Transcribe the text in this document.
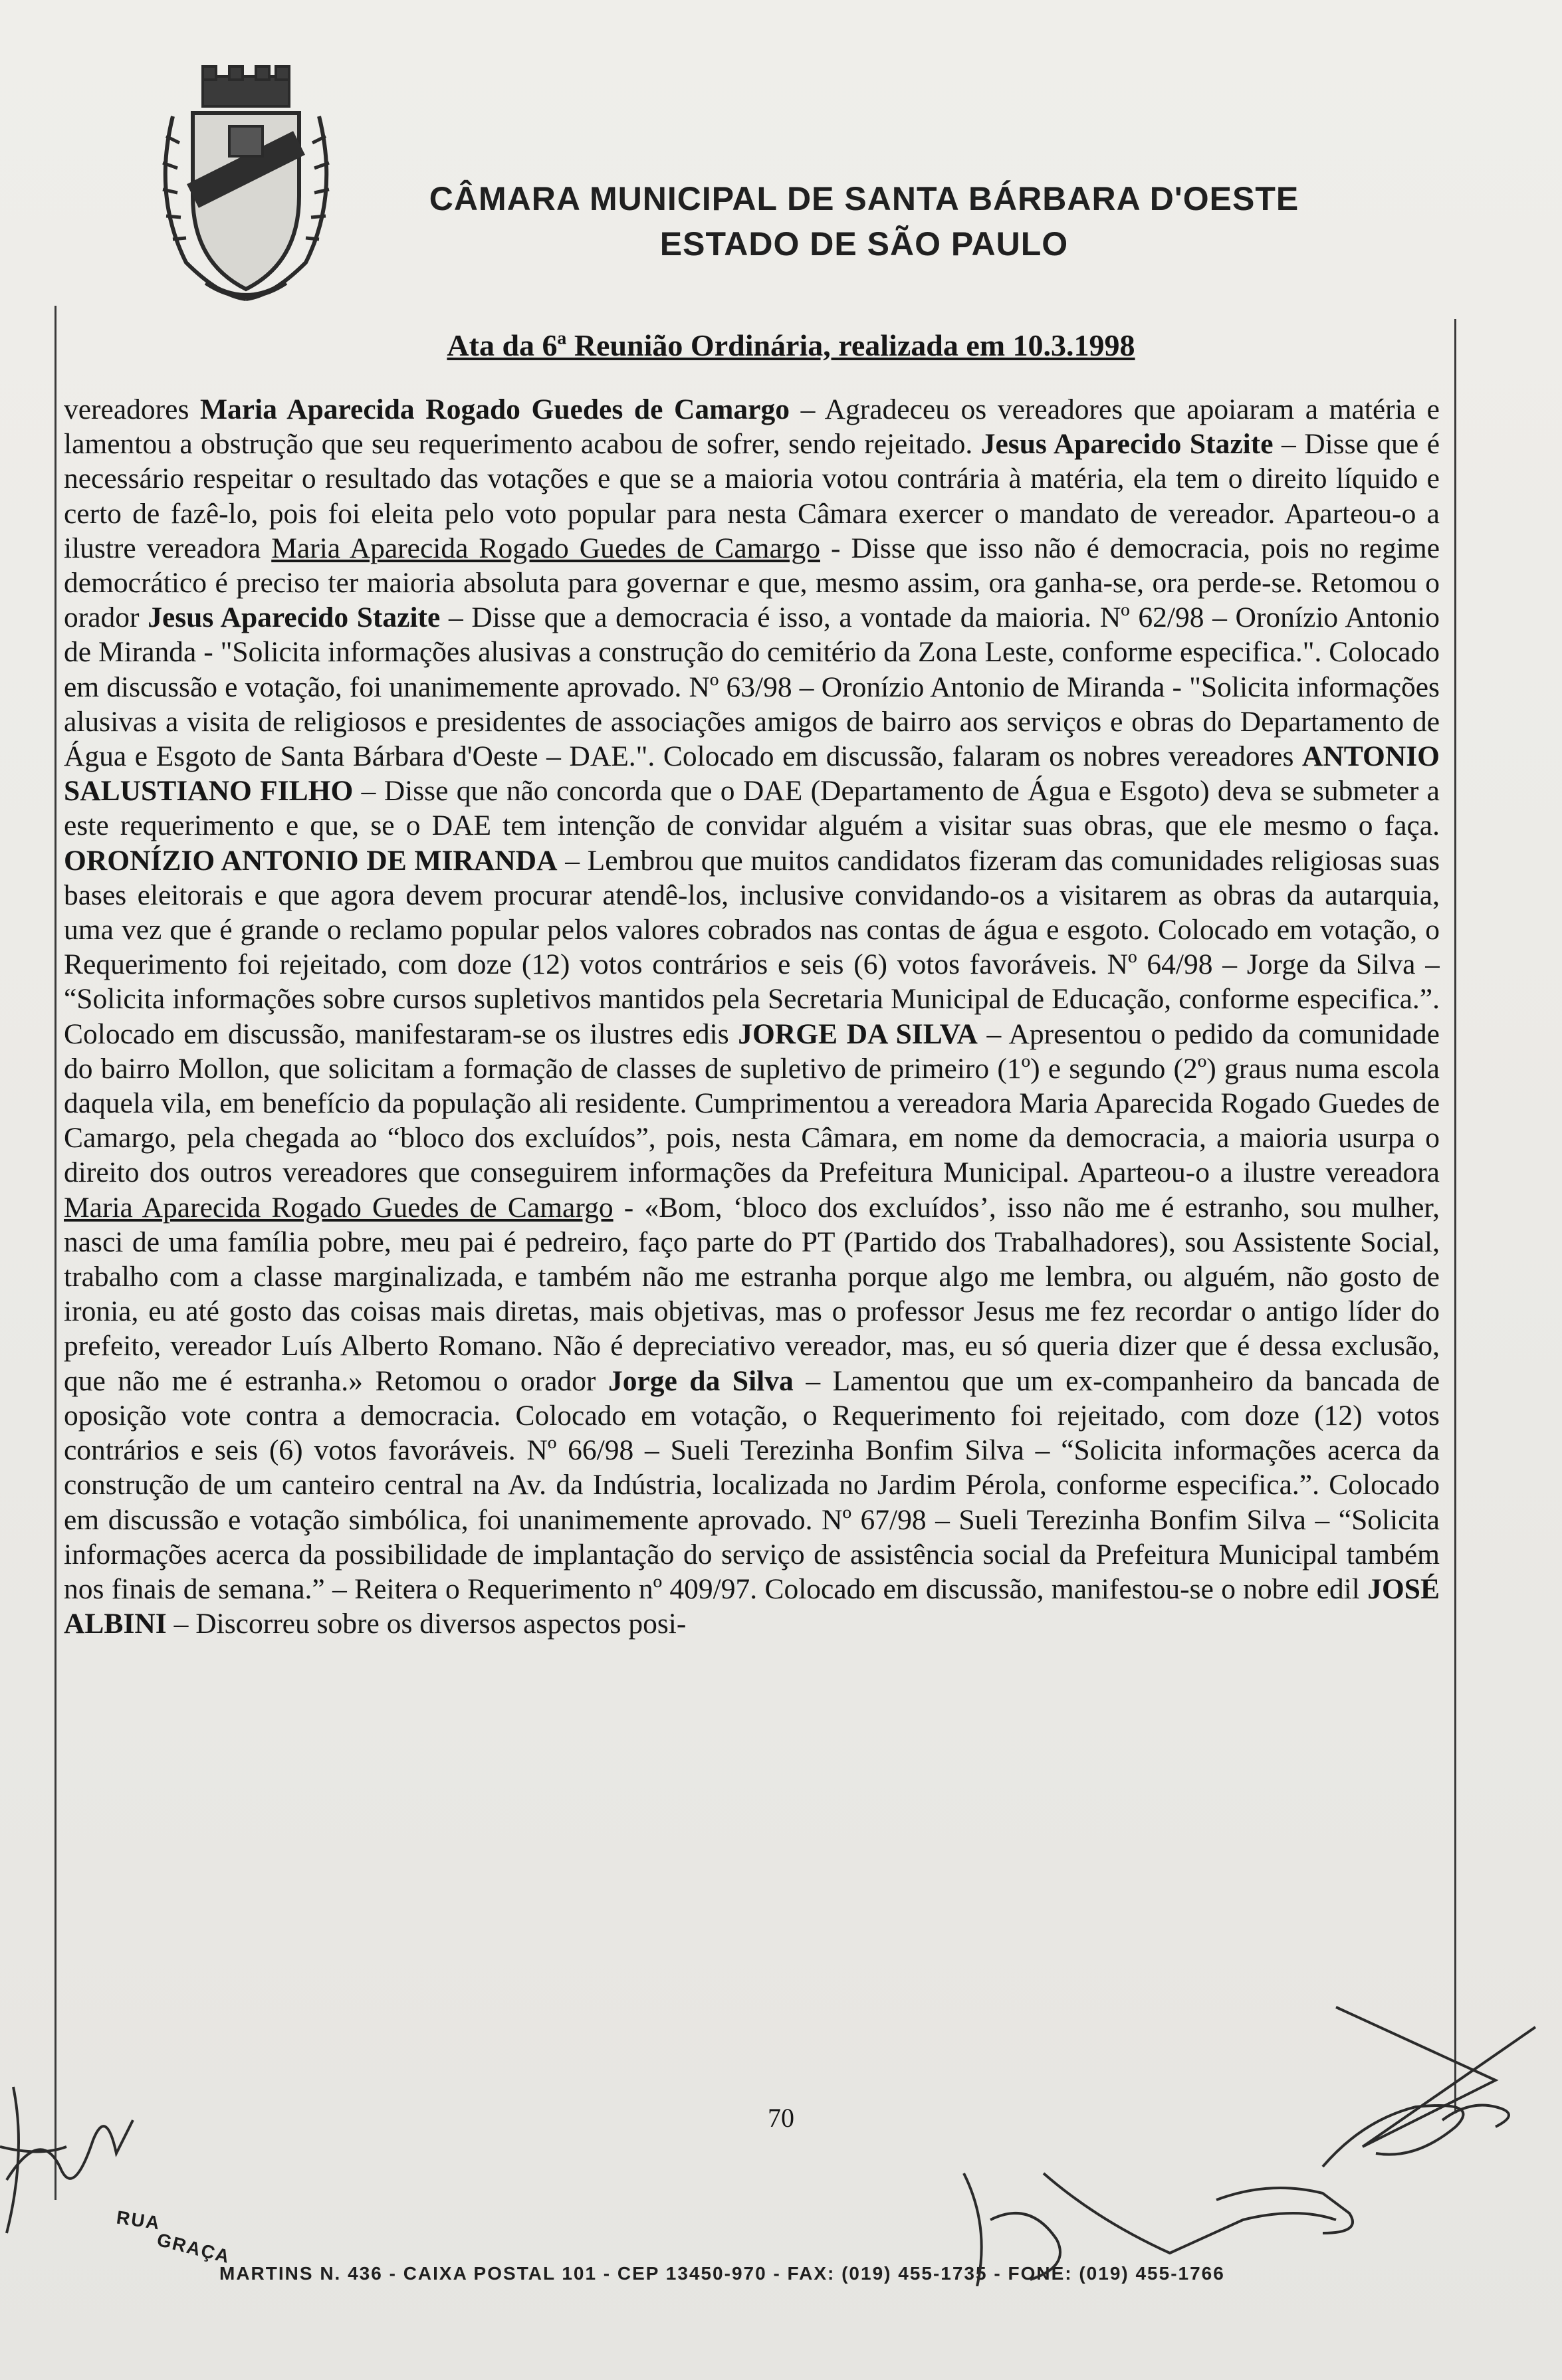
CÂMARA MUNICIPAL DE SANTA BÁRBARA D'OESTE
ESTADO DE SÃO PAULO
Ata da 6ª Reunião Ordinária, realizada em 10.3.1998

vereadores Maria Aparecida Rogado Guedes de Camargo – Agradeceu os vereadores que apoiaram a matéria e lamentou a obstrução que seu requerimento acabou de sofrer, sendo rejeitado. Jesus Aparecido Stazite – Disse que é necessário respeitar o resultado das votações e que se a maioria votou contrária à matéria, ela tem o direito líquido e certo de fazê-lo, pois foi eleita pelo voto popular para nesta Câmara exercer o mandato de vereador. Aparteou-o a ilustre vereadora Maria Aparecida Rogado Guedes de Camargo - Disse que isso não é democracia, pois no regime democrático é preciso ter maioria absoluta para governar e que, mesmo assim, ora ganha-se, ora perde-se. Retomou o orador Jesus Aparecido Stazite – Disse que a democracia é isso, a vontade da maioria. Nº 62/98 – Oronízio Antonio de Miranda - "Solicita informações alusivas a construção do cemitério da Zona Leste, conforme especifica.". Colocado em discussão e votação, foi unanimemente aprovado. Nº 63/98 – Oronízio Antonio de Miranda - "Solicita informações alusivas a visita de religiosos e presidentes de associações amigos de bairro aos serviços e obras do Departamento de Água e Esgoto de Santa Bárbara d'Oeste – DAE.". Colocado em discussão, falaram os nobres vereadores ANTONIO SALUSTIANO FILHO – Disse que não concorda que o DAE (Departamento de Água e Esgoto) deva se submeter a este requerimento e que, se o DAE tem intenção de convidar alguém a visitar suas obras, que ele mesmo o faça. ORONÍZIO ANTONIO DE MIRANDA – Lembrou que muitos candidatos fizeram das comunidades religiosas suas bases eleitorais e que agora devem procurar atendê-los, inclusive convidando-os a visitarem as obras da autarquia, uma vez que é grande o reclamo popular pelos valores cobrados nas contas de água e esgoto. Colocado em votação, o Requerimento foi rejeitado, com doze (12) votos contrários e seis (6) votos favoráveis. Nº 64/98 – Jorge da Silva – “Solicita informações sobre cursos supletivos mantidos pela Secretaria Municipal de Educação, conforme especifica.”. Colocado em discussão, manifestaram-se os ilustres edis JORGE DA SILVA – Apresentou o pedido da comunidade do bairro Mollon, que solicitam a formação de classes de supletivo de primeiro (1º) e segundo (2º) graus numa escola daquela vila, em benefício da população ali residente. Cumprimentou a vereadora Maria Aparecida Rogado Guedes de Camargo, pela chegada ao “bloco dos excluídos”, pois, nesta Câmara, em nome da democracia, a maioria usurpa o direito dos outros vereadores que conseguirem informações da Prefeitura Municipal. Aparteou-o a ilustre vereadora Maria Aparecida Rogado Guedes de Camargo - «Bom, ‘bloco dos excluídos’, isso não me é estranho, sou mulher, nasci de uma família pobre, meu pai é pedreiro, faço parte do PT (Partido dos Trabalhadores), sou Assistente Social, trabalho com a classe marginalizada, e também não me estranha porque algo me lembra, ou alguém, não gosto de ironia, eu até gosto das coisas mais diretas, mais objetivas, mas o professor Jesus me fez recordar o antigo líder do prefeito, vereador Luís Alberto Romano. Não é depreciativo vereador, mas, eu só queria dizer que é dessa exclusão, que não me é estranha.» Retomou o orador Jorge da Silva – Lamentou que um ex-companheiro da bancada de oposição vote contra a democracia. Colocado em votação, o Requerimento foi rejeitado, com doze (12) votos contrários e seis (6) votos favoráveis. Nº 66/98 – Sueli Terezinha Bonfim Silva – “Solicita informações acerca da construção de um canteiro central na Av. da Indústria, localizada no Jardim Pérola, conforme especifica.”. Colocado em discussão e votação simbólica, foi unanimemente aprovado. Nº 67/98 – Sueli Terezinha Bonfim Silva – “Solicita informações acerca da possibilidade de implantação do serviço de assistência social da Prefeitura Municipal também nos finais de semana.” – Reitera o Requerimento nº 409/97. Colocado em discussão, manifestou-se o nobre edil JOSÉ ALBINI – Discorreu sobre os diversos aspectos posi-

70
RUA
GRAÇA
MARTINS N. 436 - CAIXA POSTAL 101 - CEP 13450-970 - FAX: (019) 455-1735 - FONE: (019) 455-1766
